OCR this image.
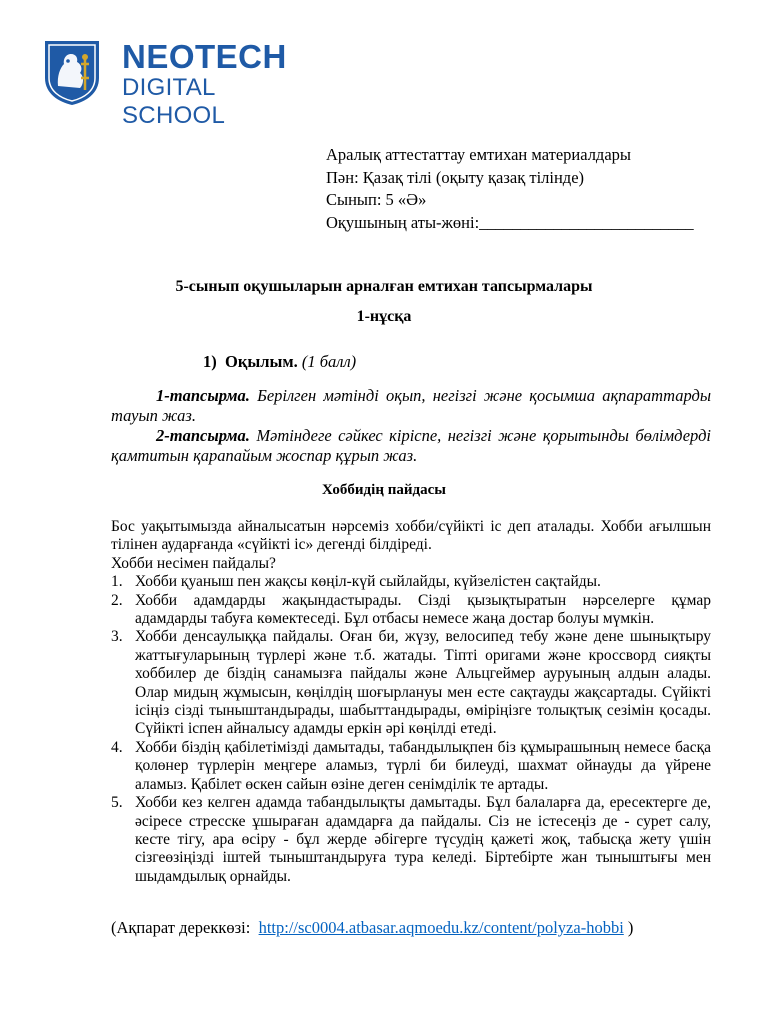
NEOTECH
DIGITAL SCHOOL
Аралық аттестаттау емтихан материалдары
Пән: Қазақ тілі (оқыту қазақ тілінде)
Сынып: 5 «Ә»
Оқушының аты-жөні:__________________________
5-сынып оқушыларын арналған емтихан тапсырмалары
1-нұсқа
1) Оқылым. (1 балл)
1-тапсырма. Берілген мәтінді оқып, негізгі және қосымша ақпараттарды тауып жаз.
2-тапсырма. Мәтіндеге сәйкес кіріспе, негізгі және қорытынды бөлімдерді қамтитын қарапайым жоспар құрып жаз.
Хоббидің пайдасы

Бос уақытымызда айналысатын нәрсеміз хобби/сүйікті іс деп аталады. Хобби ағылшын тілінен аударғанда «сүйікті іс» дегенді білдіреді.

Хобби несімен пайдалы?

1. Хобби қуаныш пен жақсы көңіл-күй сыйлайды, күйзелістен сақтайды.
2. Хобби адамдарды жақындастырады. Сізді қызықтыратын нәрселерге құмар адамдарды табуға көмектеседі. Бұл отбасы немесе жаңа достар болуы мүмкін.
3. Хобби денсаулыққа пайдалы. Оған би, жүзу, велосипед тебу және дене шынықтыру жаттығуларының түрлері және т.б. жатады. Тіпті оригами және кроссворд сияқты хоббилер де біздің санамызға пайдалы және Альцгеймер ауруының алдын алады. Олар мидың жұмысын, көңілдің шоғырлануы мен есте сақтауды жақсартады. Сүйікті ісіңіз сізді тыныштандырады, шабыттандырады, өміріңізге толықтық сезімін қосады. Сүйікті іспен айналысу адамды еркін әрі көңілді етеді.
4. Хобби біздің қабілетімізді дамытады, табандылықпен біз құмырашының немесе басқа қолөнер түрлерін меңгере аламыз, түрлі би билеуді, шахмат ойнауды да үйрене аламыз. Қабілет өскен сайын өзіне деген сенімділік те артады.
5. Хобби кез келген адамда табандылықты дамытады. Бұл балаларға да, ересектерге де, әсіресе стресске ұшыраған адамдарға да пайдалы. Сіз не істесеңіз де - сурет салу, кесте тігу, ара өсіру - бұл жерде әбігерге түсудің қажеті жоқ, табысқа жету үшін сізгеөзіңізді іштей тыныштандыруға тура келеді. Біртебірте жан тыныштығы мен шыдамдылық орнайды.
(Ақпарат дереккөзі: http://sc0004.atbasar.aqmoedu.kz/content/polyza-hobbi )
